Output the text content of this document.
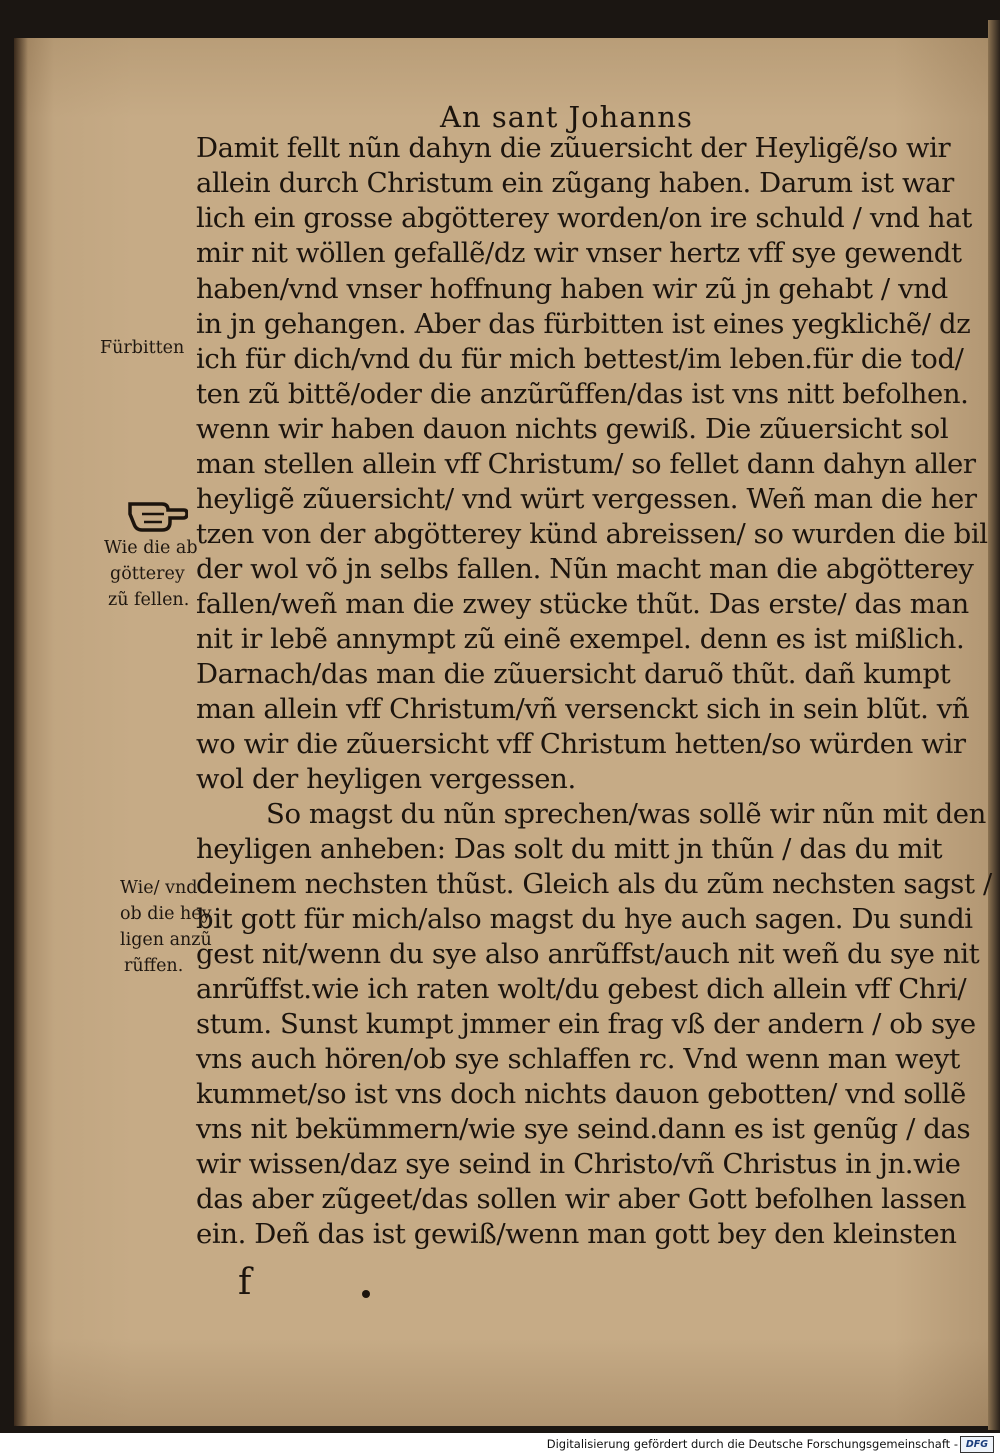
An sant Johanns
Damit fellt nũn dahyn die zũuersicht der Heyligẽ/so wir
allein durch Christum ein zũgang haben. Darum ist war
lich ein grosse abgötterey worden/on ire schuld / vnd hat
mir nit wöllen gefallẽ/dz wir vnser hertz vff sye gewendt
haben/vnd vnser hoffnung haben wir zũ jn gehabt / vnd
in jn gehangen. Aber das fürbitten ist eines yegklichẽ/ dz
ich für dich/vnd du für mich bettest/im leben.für die tod/
ten zũ bittẽ/oder die anzũrũffen/das ist vns nitt befolhen.
wenn wir haben dauon nichts gewiß. Die zũuersicht sol
man stellen allein vff Christum/ so fellet dann dahyn aller
heyligẽ zũuersicht/ vnd würt vergessen. Weñ man die her
tzen von der abgötterey künd abreissen/ so wurden die bil
der wol võ jn selbs fallen. Nũn macht man die abgötterey
fallen/weñ man die zwey stücke thũt. Das erste/ das man
nit ir lebẽ annympt zũ einẽ exempel. denn es ist mißlich.
Darnach/das man die zũuersicht daruõ thũt. dañ kumpt
man allein vff Christum/vñ versenckt sich in sein blũt. vñ
wo wir die zũuersicht vff Christum hetten/so würden wir
wol der heyligen vergessen.
So magst du nũn sprechen/was sollẽ wir nũn mit den
heyligen anheben: Das solt du mitt jn thũn / das du mit
deinem nechsten thũst. Gleich als du zũm nechsten sagst /
bit gott für mich/also magst du hye auch sagen. Du sundi
gest nit/wenn du sye also anrũffst/auch nit weñ du sye nit
anrũffst.wie ich raten wolt/du gebest dich allein vff Chri/
stum. Sunst kumpt jmmer ein frag vß der andern / ob sye
vns auch hören/ob sye schlaffen rc. Vnd wenn man weyt
kummet/so ist vns doch nichts dauon gebotten/ vnd sollẽ
vns nit bekümmern/wie sye seind.dann es ist genũg / das
wir wissen/daz sye seind in Christo/vñ Christus in jn.wie
das aber zũgeet/das sollen wir aber Gott befolhen lassen
ein. Deñ das ist gewiß/wenn man gott bey den kleinsten
Fürbitten
Wie die ab
götterey
zũ fellen.
Wie/ vnd
ob die hey
ligen anzũ
rũffen.
f
Digitalisierung gefördert durch die Deutsche Forschungsgemeinschaft - DFG
